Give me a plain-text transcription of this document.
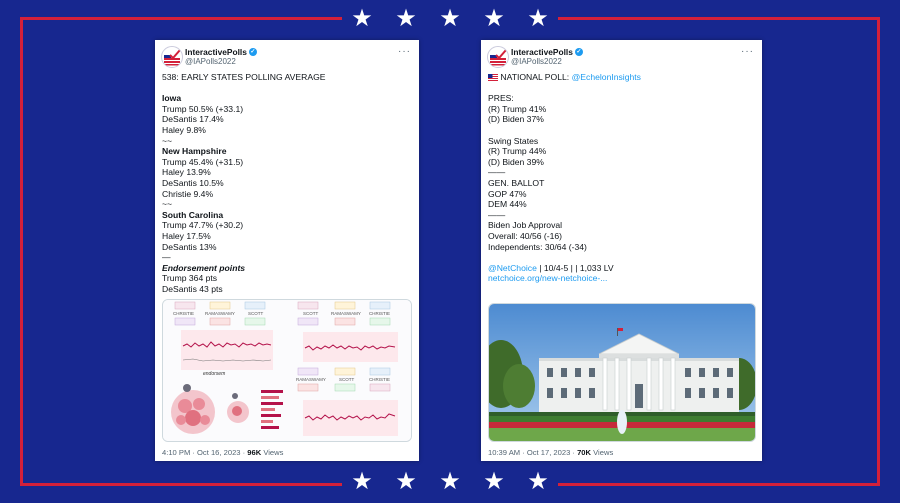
★ ★ ★ ★ ★
★ ★ ★ ★ ★
InteractivePolls ✓
@IAPolls2022
···
538: EARLY STATES POLLING AVERAGE
Iowa
Trump 50.5% (+33.1)
DeSantis 17.4%
Haley 9.8%
~~
New Hampshire
Trump 45.4% (+31.5)
Haley 13.9%
DeSantis 10.5%
Christie 9.4%
~~
South Carolina
Trump 47.7% (+30.2)
Haley 17.5%
DeSantis 13%
—
Endorsement points
Trump 364 pts
DeSantis 43 pts
CHRISTIE RAMASWAMY	SCOTT	SCOTT	RAMASWAMY CHRISTIE
endorsem
RAMASWAMY	SCOTT	CHRISTIE
4:10 PM · Oct 16, 2023 · 96K Views
InteractivePolls ✓
@IAPolls2022
···
NATIONAL POLL: @EchelonInsights
PRES:
(R) Trump 41%
(D) Biden 37%
Swing States
(R) Trump 44%
(D) Biden 39%
——
GEN. BALLOT
GOP 47%
DEM 44%
——
Biden Job Approval
Overall: 40/56 (-16)
Independents: 30/64 (-34)
@NetChoice | 10/4-5 | | 1,033 LV
netchoice.org/new-netchoice-...
10:39 AM · Oct 17, 2023 · 70K Views
